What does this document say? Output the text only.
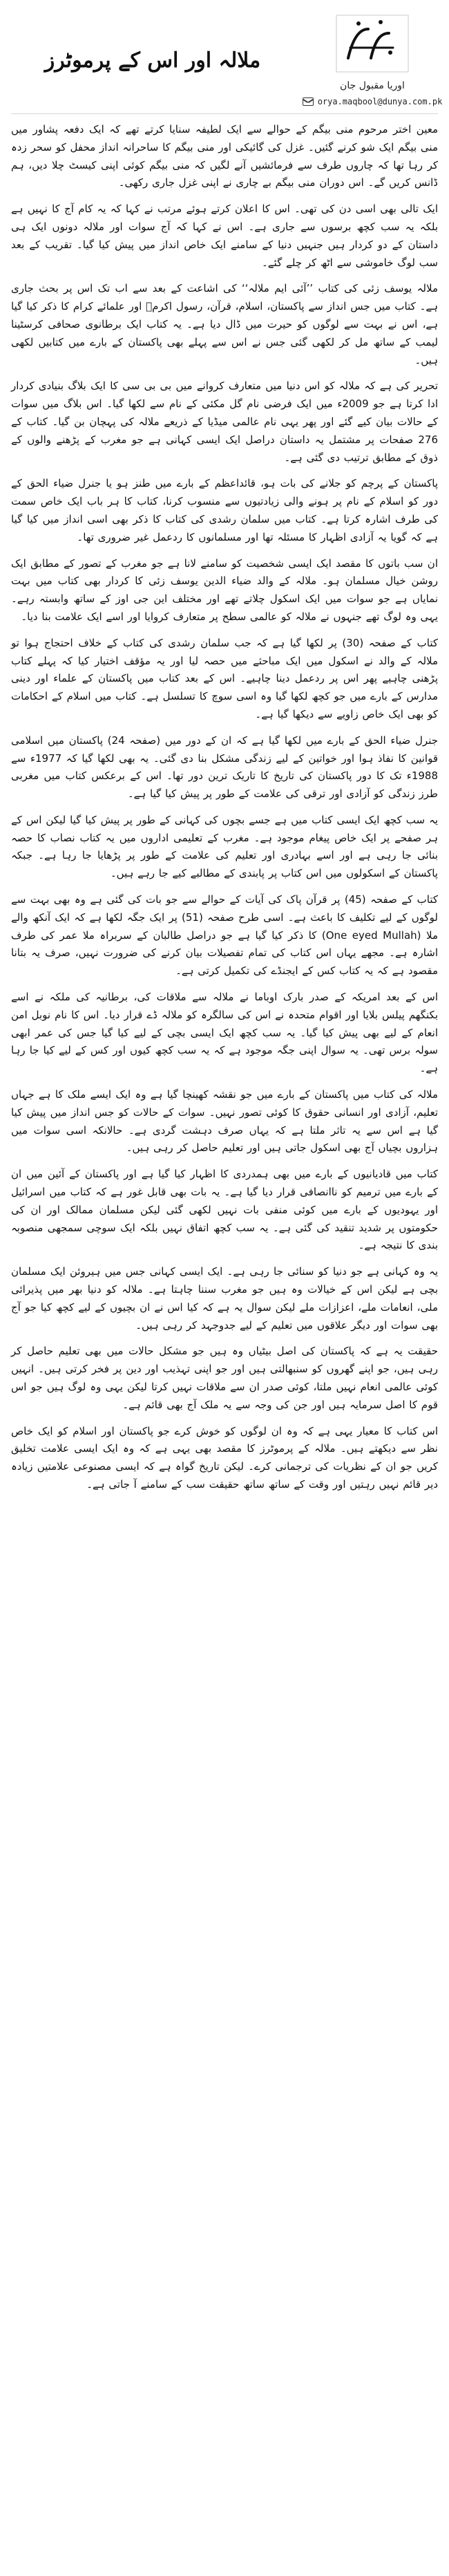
ملالہ اور اس کے پرموٹرز
اوریا مقبول جان
orya.maqbool@dunya.com.pk

معین اختر مرحوم منی بیگم کے حوالے سے ایک لطیفہ سنایا کرتے تھے کہ ایک دفعہ پشاور میں منی بیگم ایک شو کرنے گئیں۔ غزل کی گائیکی اور منی بیگم کا ساحرانہ انداز محفل کو سحر زدہ کر رہا تھا کہ چاروں طرف سے فرمائشیں آنے لگیں کہ منی بیگم کوئی اپنی کیسٹ چلا دیں، ہم ڈانس کریں گے۔ اس دوران منی بیگم بے چاری نے اپنی غزل جاری رکھی۔

ایک تالی بھی اسی دن کی تھی۔ اس کا اعلان کرتے ہوئے مرتب نے کہا کہ یہ کام آج کا نہیں ہے بلکہ یہ سب کچھ برسوں سے جاری ہے۔ اس نے کہا کہ آج سوات اور ملالہ دونوں ایک ہی داستان کے دو کردار ہیں جنہیں دنیا کے سامنے ایک خاص انداز میں پیش کیا گیا۔ تقریب کے بعد سب لوگ خاموشی سے اٹھ کر چلے گئے۔

ملالہ یوسف زئی کی کتاب ’’آئی ایم ملالہ‘‘ کی اشاعت کے بعد سے اب تک اس پر بحث جاری ہے۔ کتاب میں جس انداز سے پاکستان، اسلام، قرآن، رسول اکرمؐ اور علمائے کرام کا ذکر کیا گیا ہے، اس نے بہت سے لوگوں کو حیرت میں ڈال دیا ہے۔ یہ کتاب ایک برطانوی صحافی کرسٹینا لیمب کے ساتھ مل کر لکھی گئی جس نے اس سے پہلے بھی پاکستان کے بارے میں کتابیں لکھی ہیں۔

تحریر کی ہے کہ ملالہ کو اس دنیا میں متعارف کروانے میں بی بی سی کا ایک بلاگ بنیادی کردار ادا کرتا ہے جو 2009ء میں ایک فرضی نام گل مکئی کے نام سے لکھا گیا۔ اس بلاگ میں سوات کے حالات بیان کیے گئے اور پھر یہی نام عالمی میڈیا کے ذریعے ملالہ کی پہچان بن گیا۔ کتاب کے 276 صفحات پر مشتمل یہ داستان دراصل ایک ایسی کہانی ہے جو مغرب کے پڑھنے والوں کے ذوق کے مطابق ترتیب دی گئی ہے۔

پاکستان کے پرچم کو جلانے کی بات ہو، قائداعظم کے بارے میں طنز ہو یا جنرل ضیاء الحق کے دور کو اسلام کے نام پر ہونے والی زیادتیوں سے منسوب کرنا، کتاب کا ہر باب ایک خاص سمت کی طرف اشارہ کرتا ہے۔ کتاب میں سلمان رشدی کی کتاب کا ذکر بھی اسی انداز میں کیا گیا ہے کہ گویا یہ آزادی اظہار کا مسئلہ تھا اور مسلمانوں کا ردعمل غیر ضروری تھا۔

ان سب باتوں کا مقصد ایک ایسی شخصیت کو سامنے لانا ہے جو مغرب کے تصور کے مطابق ایک روشن خیال مسلمان ہو۔ ملالہ کے والد ضیاء الدین یوسف زئی کا کردار بھی کتاب میں بہت نمایاں ہے جو سوات میں ایک اسکول چلاتے تھے اور مختلف این جی اوز کے ساتھ وابستہ رہے۔ یہی وہ لوگ تھے جنہوں نے ملالہ کو عالمی سطح پر متعارف کروایا اور اسے ایک علامت بنا دیا۔

کتاب کے صفحہ (30) پر لکھا گیا ہے کہ جب سلمان رشدی کی کتاب کے خلاف احتجاج ہوا تو ملالہ کے والد نے اسکول میں ایک مباحثے میں حصہ لیا اور یہ مؤقف اختیار کیا کہ پہلے کتاب پڑھنی چاہیے پھر اس پر ردعمل دینا چاہیے۔ اس کے بعد کتاب میں پاکستان کے علماء اور دینی مدارس کے بارے میں جو کچھ لکھا گیا وہ اسی سوچ کا تسلسل ہے۔ کتاب میں اسلام کے احکامات کو بھی ایک خاص زاویے سے دیکھا گیا ہے۔

جنرل ضیاء الحق کے بارے میں لکھا گیا ہے کہ ان کے دور میں (صفحہ 24) پاکستان میں اسلامی قوانین کا نفاذ ہوا اور خواتین کے لیے زندگی مشکل بنا دی گئی۔ یہ بھی لکھا گیا کہ 1977ء سے 1988ء تک کا دور پاکستان کی تاریخ کا تاریک ترین دور تھا۔ اس کے برعکس کتاب میں مغربی طرز زندگی کو آزادی اور ترقی کی علامت کے طور پر پیش کیا گیا ہے۔

یہ سب کچھ ایک ایسی کتاب میں ہے جسے بچوں کی کہانی کے طور پر پیش کیا گیا لیکن اس کے ہر صفحے پر ایک خاص پیغام موجود ہے۔ مغرب کے تعلیمی اداروں میں یہ کتاب نصاب کا حصہ بنائی جا رہی ہے اور اسے بہادری اور تعلیم کی علامت کے طور پر پڑھایا جا رہا ہے۔ جبکہ پاکستان کے اسکولوں میں اس کتاب پر پابندی کے مطالبے کیے جا رہے ہیں۔

کتاب کے صفحہ (45) پر قرآن پاک کی آیات کے حوالے سے جو بات کی گئی ہے وہ بھی بہت سے لوگوں کے لیے تکلیف کا باعث ہے۔ اسی طرح صفحہ (51) پر ایک جگہ لکھا ہے کہ ایک آنکھ والے ملا (One eyed Mullah) کا ذکر کیا گیا ہے جو دراصل طالبان کے سربراہ ملا عمر کی طرف اشارہ ہے۔ مجھے یہاں اس کتاب کی تمام تفصیلات بیان کرنے کی ضرورت نہیں، صرف یہ بتانا مقصود ہے کہ یہ کتاب کس کے ایجنڈے کی تکمیل کرتی ہے۔

اس کے بعد امریکہ کے صدر بارک اوباما نے ملالہ سے ملاقات کی، برطانیہ کی ملکہ نے اسے بکنگھم پیلس بلایا اور اقوام متحدہ نے اس کی سالگرہ کو ملالہ ڈے قرار دیا۔ اس کا نام نوبل امن انعام کے لیے بھی پیش کیا گیا۔ یہ سب کچھ ایک ایسی بچی کے لیے کیا گیا جس کی عمر ابھی سولہ برس تھی۔ یہ سوال اپنی جگہ موجود ہے کہ یہ سب کچھ کیوں اور کس کے لیے کیا جا رہا ہے۔

ملالہ کی کتاب میں پاکستان کے بارے میں جو نقشہ کھینچا گیا ہے وہ ایک ایسے ملک کا ہے جہاں تعلیم، آزادی اور انسانی حقوق کا کوئی تصور نہیں۔ سوات کے حالات کو جس انداز میں پیش کیا گیا ہے اس سے یہ تاثر ملتا ہے کہ یہاں صرف دہشت گردی ہے۔ حالانکہ اسی سوات میں ہزاروں بچیاں آج بھی اسکول جاتی ہیں اور تعلیم حاصل کر رہی ہیں۔

کتاب میں قادیانیوں کے بارے میں بھی ہمدردی کا اظہار کیا گیا ہے اور پاکستان کے آئین میں ان کے بارے میں ترمیم کو ناانصافی قرار دیا گیا ہے۔ یہ بات بھی قابل غور ہے کہ کتاب میں اسرائیل اور یہودیوں کے بارے میں کوئی منفی بات نہیں لکھی گئی لیکن مسلمان ممالک اور ان کی حکومتوں پر شدید تنقید کی گئی ہے۔ یہ سب کچھ اتفاق نہیں بلکہ ایک سوچی سمجھی منصوبہ بندی کا نتیجہ ہے۔

یہ وہ کہانی ہے جو دنیا کو سنائی جا رہی ہے۔ ایک ایسی کہانی جس میں ہیروئن ایک مسلمان بچی ہے لیکن اس کے خیالات وہ ہیں جو مغرب سننا چاہتا ہے۔ ملالہ کو دنیا بھر میں پذیرائی ملی، انعامات ملے، اعزازات ملے لیکن سوال یہ ہے کہ کیا اس نے ان بچیوں کے لیے کچھ کیا جو آج بھی سوات اور دیگر علاقوں میں تعلیم کے لیے جدوجہد کر رہی ہیں۔

حقیقت یہ ہے کہ پاکستان کی اصل بیٹیاں وہ ہیں جو مشکل حالات میں بھی تعلیم حاصل کر رہی ہیں، جو اپنے گھروں کو سنبھالتی ہیں اور جو اپنی تہذیب اور دین پر فخر کرتی ہیں۔ انہیں کوئی عالمی انعام نہیں ملتا، کوئی صدر ان سے ملاقات نہیں کرتا لیکن یہی وہ لوگ ہیں جو اس قوم کا اصل سرمایہ ہیں اور جن کی وجہ سے یہ ملک آج بھی قائم ہے۔

اس کتاب کا معیار یہی ہے کہ وہ ان لوگوں کو خوش کرے جو پاکستان اور اسلام کو ایک خاص نظر سے دیکھتے ہیں۔ ملالہ کے پرموٹرز کا مقصد بھی یہی ہے کہ وہ ایک ایسی علامت تخلیق کریں جو ان کے نظریات کی ترجمانی کرے۔ لیکن تاریخ گواہ ہے کہ ایسی مصنوعی علامتیں زیادہ دیر قائم نہیں رہتیں اور وقت کے ساتھ ساتھ حقیقت سب کے سامنے آ جاتی ہے۔
